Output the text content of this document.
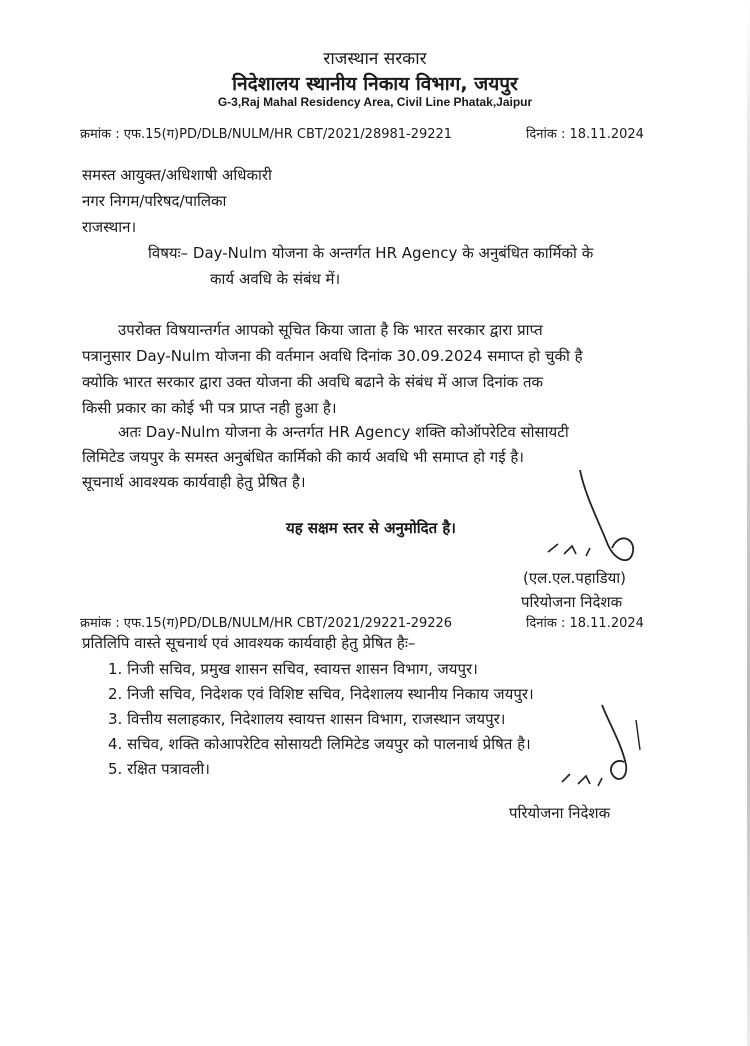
राजस्थान सरकार
निदेशालय स्थानीय निकाय विभाग, जयपुर
G-3,Raj Mahal Residency Area, Civil Line Phatak,Jaipur
क्रमांक : एफ.15(ग)PD/DLB/NULM/HR CBT/2021/28981-29221	दिनांक : 18.11.2024
समस्त आयुक्त/अधिशाषी अधिकारी
नगर निगम/परिषद/पालिका
राजस्थान।
विषयः– Day-Nulm योजना के अन्तर्गत HR Agency के अनुबंधित कार्मिको के
कार्य अवधि के संबंध में।
उपरोक्त विषयान्तर्गत आपको सूचित किया जाता है कि भारत सरकार द्वारा प्राप्त
पत्रानुसार Day-Nulm योजना की वर्तमान अवधि दिनांक 30.09.2024 समाप्त हो चुकी है
क्योकि भारत सरकार द्वारा उक्त योजना की अवधि बढाने के संबंध में आज दिनांक तक
किसी प्रकार का कोई भी पत्र प्राप्त नही हुआ है।
अतः Day-Nulm योजना के अन्तर्गत HR Agency शक्ति कोऑपरेटिव सोसायटी
लिमिटेड जयपुर के समस्त अनुबंधित कार्मिको की कार्य अवधि भी समाप्त हो गई है।
सूचनार्थ आवश्यक कार्यवाही हेतु प्रेषित है।
यह सक्षम स्तर से अनुमोदित है।
(एल.एल.पहाडिया)
परियोजना निदेशक
क्रमांक : एफ.15(ग)PD/DLB/NULM/HR CBT/2021/29221-29226	दिनांक : 18.11.2024
प्रतिलिपि वास्ते सूचनार्थ एवं आवश्यक कार्यवाही हेतु प्रेषित हैः–
1. निजी सचिव, प्रमुख शासन सचिव, स्वायत्त शासन विभाग, जयपुर।
2. निजी सचिव, निदेशक एवं विशिष्ट सचिव, निदेशालय स्थानीय निकाय जयपुर।
3. वित्तीय सलाहकार, निदेशालय स्वायत्त शासन विभाग, राजस्थान जयपुर।
4. सचिव, शक्ति कोआपरेटिव सोसायटी लिमिटेड जयपुर को पालनार्थ प्रेषित है।
5. रक्षित पत्रावली।
परियोजना निदेशक
